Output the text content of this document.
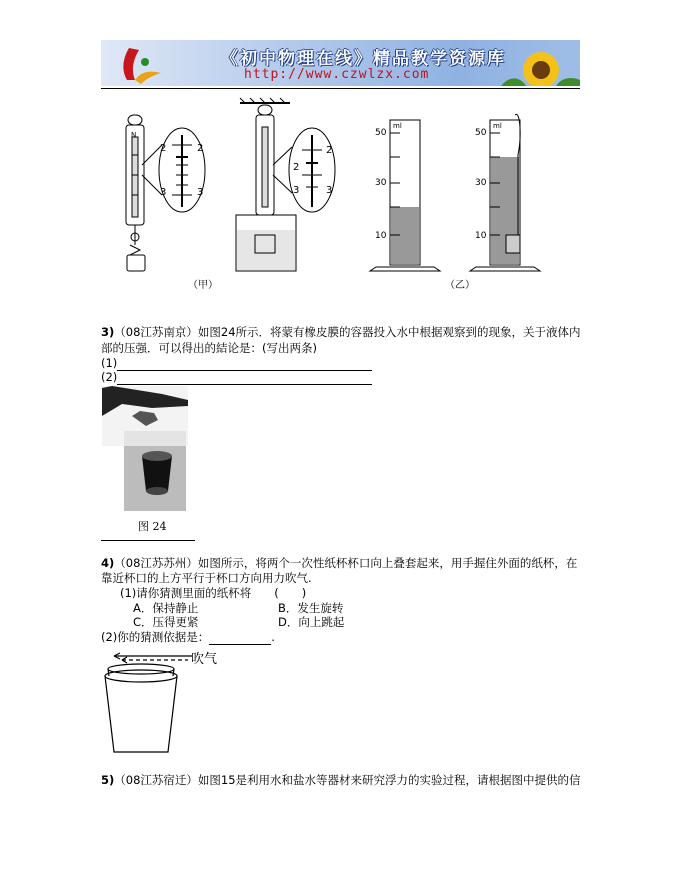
《初中物理在线》精品教学资源库
http://www.czwlzx.com
2	2
3	3
N
2
2
3	3
50
30
10
ml
50
30
10
ml
（甲）	（乙）
3)（08江苏南京）如图24所示．将蒙有橡皮膜的容器投入水中根据观察到的现象，关于液体内
部的压强．可以得出的結论是：(写出两条)
(1)
(2)
图 24
4)（08江苏苏州）如图所示，将两个一次性纸杯杯口向上叠套起来，用手握住外面的纸杯，在
靠近杯口的上方平行于杯口方向用力吹气.
(1)请你猜测里面的纸杯将　　(　　)
A．保持静止	B．发生旋转
C．压得更紧	D．向上跳起
(2)你的猜测依据是：	.
吹气
5)（08江苏宿迁）如图15是利用水和盐水等器材来研究浮力的实验过程，请根据图中提供的信
